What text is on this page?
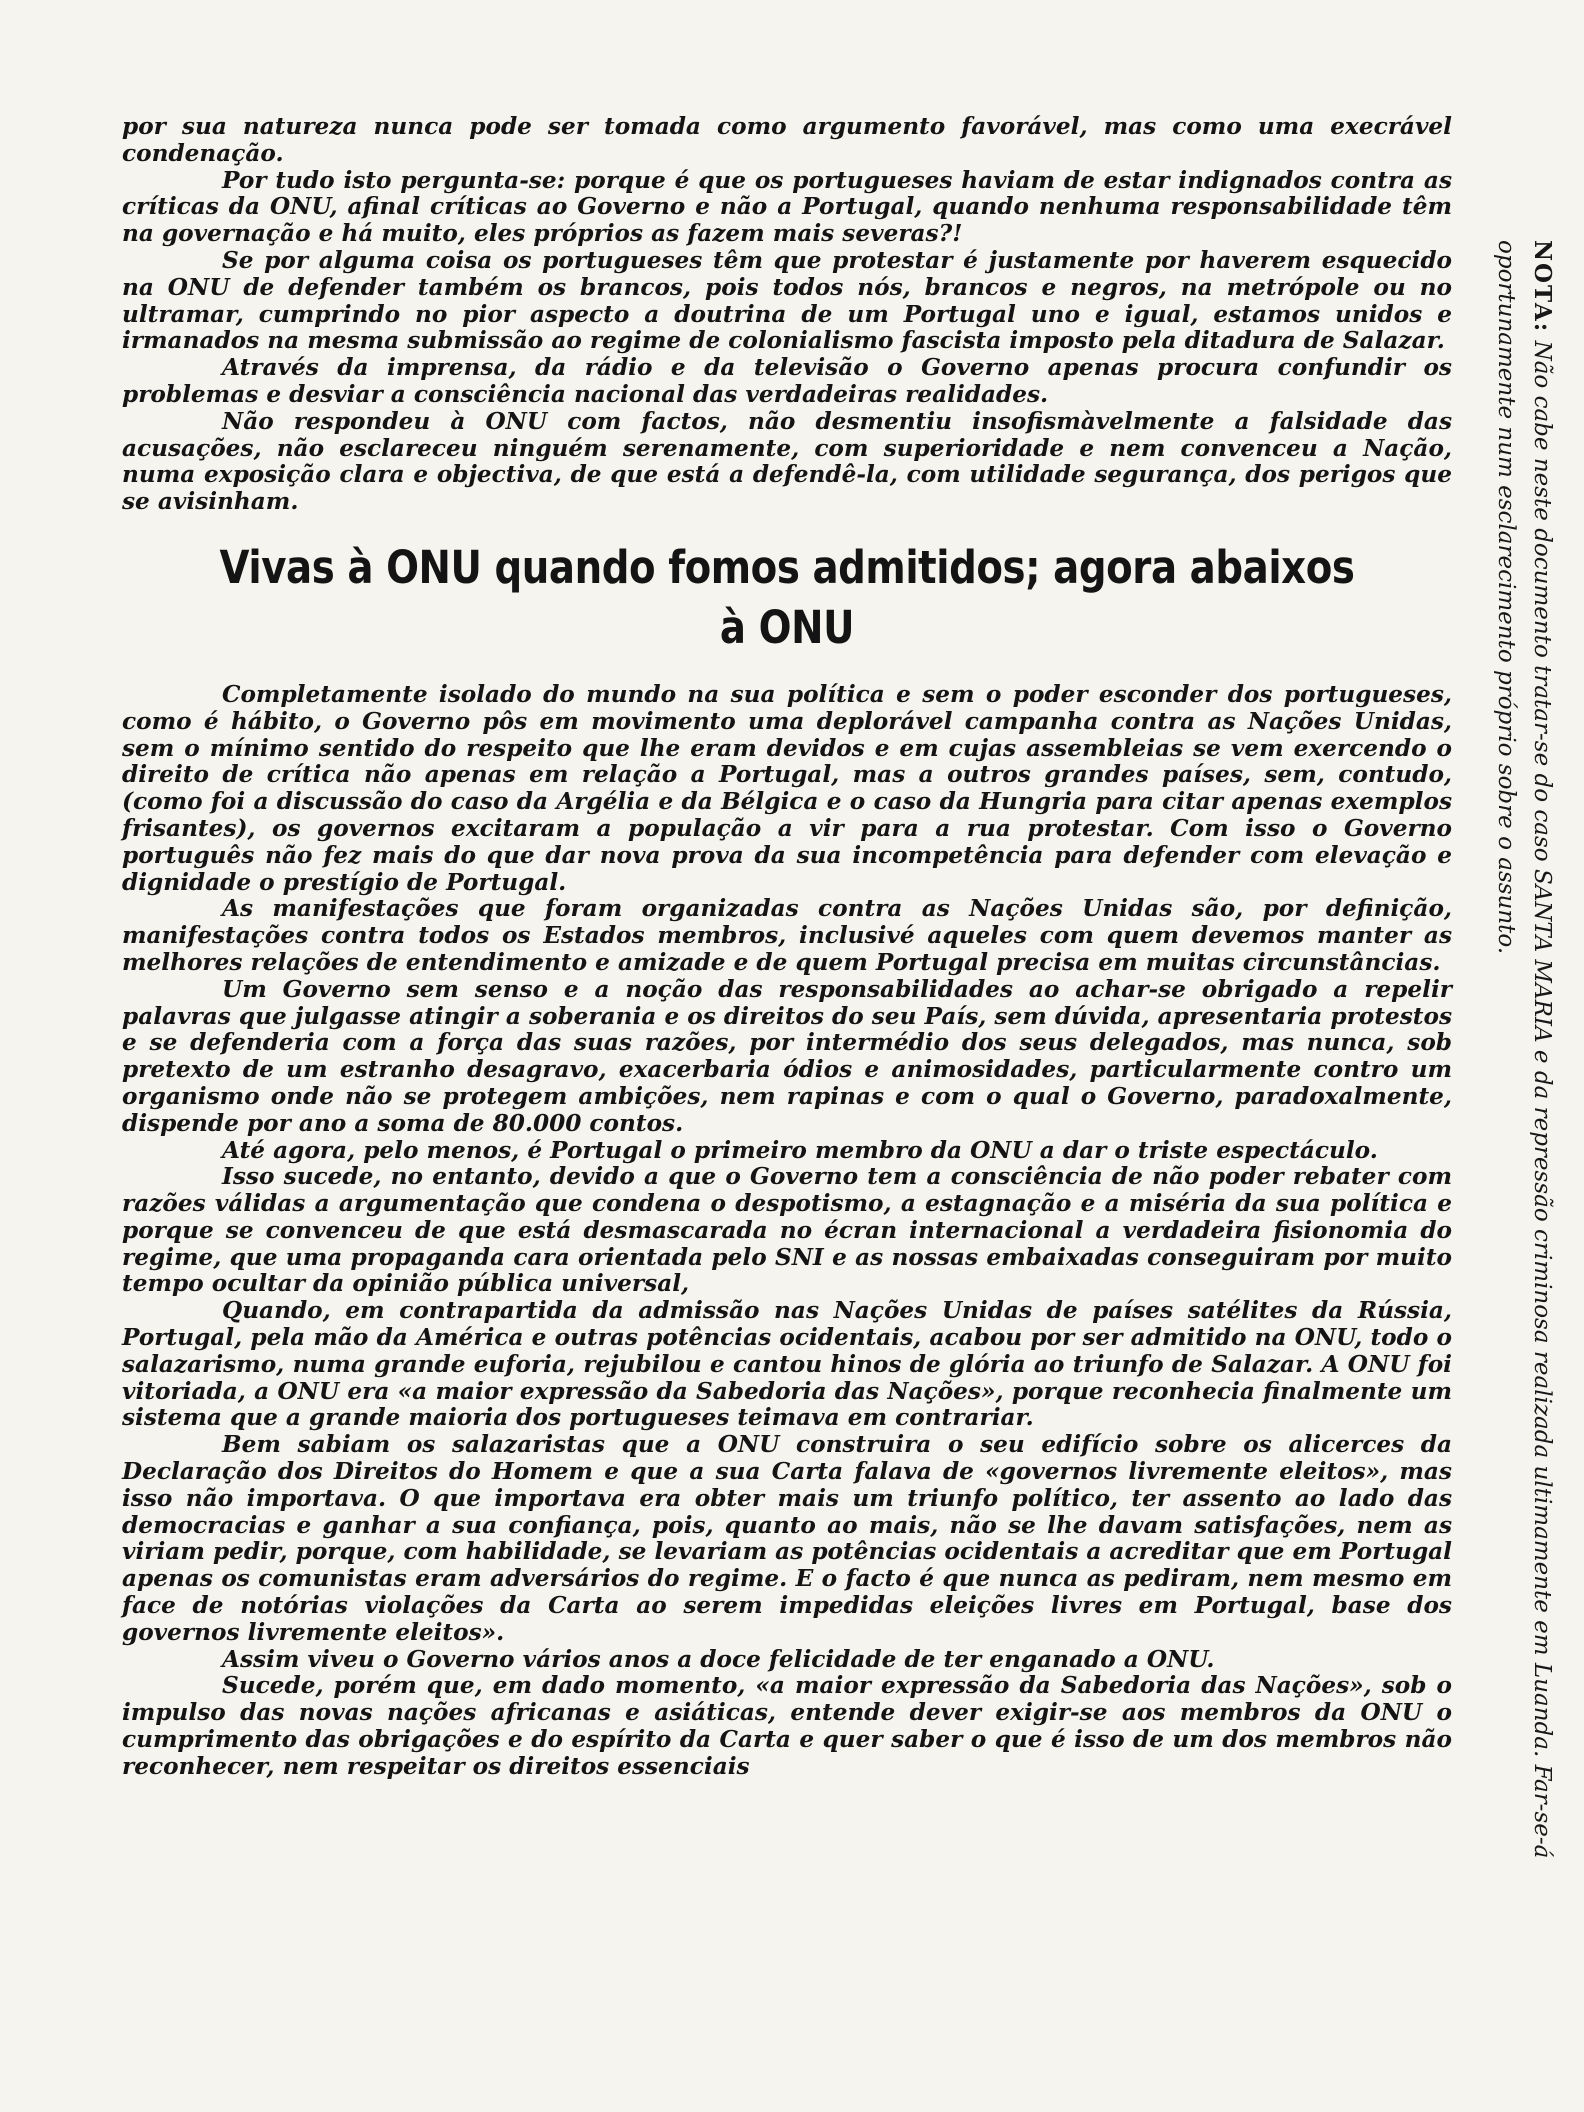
por sua natureza nunca pode ser tomada como argumento favorável, mas como uma execrável condenação.

Por tudo isto pergunta-se: porque é que os portugueses haviam de estar indignados contra as críticas da ONU, afinal críticas ao Governo e não a Portugal, quando nenhuma responsabilidade têm na governação e há muito, eles próprios as fazem mais severas?!

Se por alguma coisa os portugueses têm que protestar é justamente por haverem esquecido na ONU de defender também os brancos, pois todos nós, brancos e negros, na metrópole ou no ultramar, cumprindo no pior aspecto a doutrina de um Portugal uno e igual, estamos unidos e irmanados na mesma submissão ao regime de colonialismo fascista imposto pela ditadura de Salazar.

Através da imprensa, da rádio e da televisão o Governo apenas procura confundir os problemas e desviar a consciência nacional das verdadeiras realidades.

Não respondeu à ONU com factos, não desmentiu insofismàvelmente a falsidade das acusações, não esclareceu ninguém serenamente, com superioridade e nem convenceu a Nação, numa exposição clara e objectiva, de que está a defendê-la, com utilidade segurança, dos perigos que se avisinham.

Vivas à ONU quando fomos admitidos; agora abaixos à ONU

Completamente isolado do mundo na sua política e sem o poder esconder dos portugueses, como é hábito, o Governo pôs em movimento uma deplorável campanha contra as Nações Unidas, sem o mínimo sentido do respeito que lhe eram devidos e em cujas assembleias se vem exercendo o direito de crítica não apenas em relação a Portugal, mas a outros grandes países, sem, contudo, (como foi a discussão do caso da Argélia e da Bélgica e o caso da Hungria para citar apenas exemplos frisantes), os governos excitaram a população a vir para a rua protestar. Com isso o Governo português não fez mais do que dar nova prova da sua incompetência para defender com elevação e dignidade o prestígio de Portugal.

As manifestações que foram organizadas contra as Nações Unidas são, por definição, manifestações contra todos os Estados membros, inclusivé aqueles com quem devemos manter as melhores relações de entendimento e amizade e de quem Portugal precisa em muitas circunstâncias.

Um Governo sem senso e a noção das responsabilidades ao achar-se obrigado a repelir palavras que julgasse atingir a soberania e os direitos do seu País, sem dúvida, apresentaria protestos e se defenderia com a força das suas razões, por intermédio dos seus delegados, mas nunca, sob pretexto de um estranho desagravo, exacerbaria ódios e animosidades, particularmente contro um organismo onde não se protegem ambições, nem rapinas e com o qual o Governo, paradoxalmente, dispende por ano a soma de 80.000 contos.

Até agora, pelo menos, é Portugal o primeiro membro da ONU a dar o triste espectáculo.

Isso sucede, no entanto, devido a que o Governo tem a consciência de não poder rebater com razões válidas a argumentação que condena o despotismo, a estagnação e a miséria da sua política e porque se convenceu de que está desmascarada no écran internacional a verdadeira fisionomia do regime, que uma propaganda cara orientada pelo SNI e as nossas embaixadas conseguiram por muito tempo ocultar da opinião pública universal,

Quando, em contrapartida da admissão nas Nações Unidas de países satélites da Rússia, Portugal, pela mão da América e outras potências ocidentais, acabou por ser admitido na ONU, todo o salazarismo, numa grande euforia, rejubilou e cantou hinos de glória ao triunfo de Salazar. A ONU foi vitoriada, a ONU era «a maior expressão da Sabedoria das Nações», porque reconhecia finalmente um sistema que a grande maioria dos portugueses teimava em contrariar.

Bem sabiam os salazaristas que a ONU construira o seu edifício sobre os alicerces da Declaração dos Direitos do Homem e que a sua Carta falava de «governos livremente eleitos», mas isso não importava. O que importava era obter mais um triunfo político, ter assento ao lado das democracias e ganhar a sua confiança, pois, quanto ao mais, não se lhe davam satisfações, nem as viriam pedir, porque, com habilidade, se levariam as potências ocidentais a acreditar que em Portugal apenas os comunistas eram adversários do regime. E o facto é que nunca as pediram, nem mesmo em face de notórias violações da Carta ao serem impedidas eleições livres em Portugal, base dos governos livremente eleitos».

Assim viveu o Governo vários anos a doce felicidade de ter enganado a ONU.

Sucede, porém que, em dado momento, «a maior expressão da Sabedoria das Nações», sob o impulso das novas nações africanas e asiáticas, entende dever exigir-se aos membros da ONU o cumprimento das obrigações e do espírito da Carta e quer saber o que é isso de um dos membros não reconhecer, nem respeitar os direitos essenciais

NOTA: Não cabe neste documento tratar-se do caso SANTA MARIA e da repressão criminosa realizada ultimamente em Luanda. Far-se-á oportunamente num esclarecimento próprio sobre o assunto.
